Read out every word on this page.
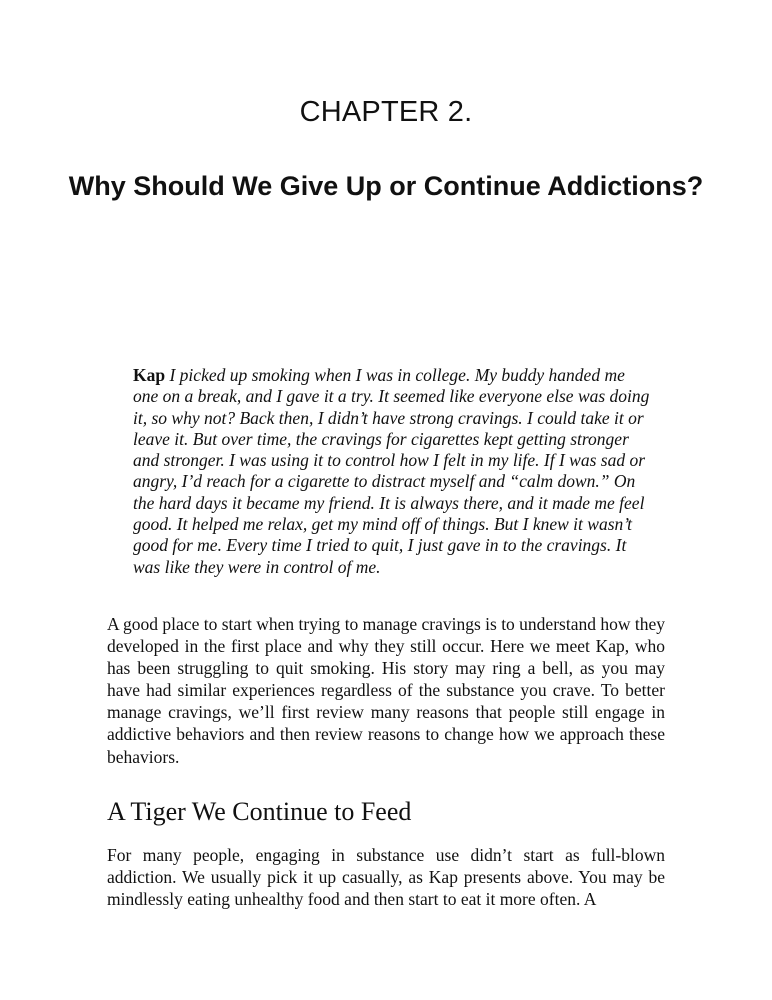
CHAPTER 2.
Why Should We Give Up or Continue Addictions?

Kap I picked up smoking when I was in college. My buddy handed me one on a break, and I gave it a try. It seemed like everyone else was doing it, so why not? Back then, I didn’t have strong cravings. I could take it or leave it. But over time, the cravings for cigarettes kept getting stronger and stronger. I was using it to control how I felt in my life. If I was sad or angry, I’d reach for a cigarette to distract myself and “calm down.” On the hard days it became my friend. It is always there, and it made me feel good. It helped me relax, get my mind off of things. But I knew it wasn’t good for me. Every time I tried to quit, I just gave in to the cravings. It was like they were in control of me.

A good place to start when trying to manage cravings is to understand how they developed in the first place and why they still occur. Here we meet Kap, who has been struggling to quit smoking. His story may ring a bell, as you may have had similar experiences regardless of the substance you crave. To better manage cravings, we’ll first review many reasons that people still engage in addictive behaviors and then review reasons to change how we approach these behaviors.

A Tiger We Continue to Feed

For many people, engaging in substance use didn’t start as full-blown addiction. We usually pick it up casually, as Kap presents above. You may be mindlessly eating unhealthy food and then start to eat it more often. A
